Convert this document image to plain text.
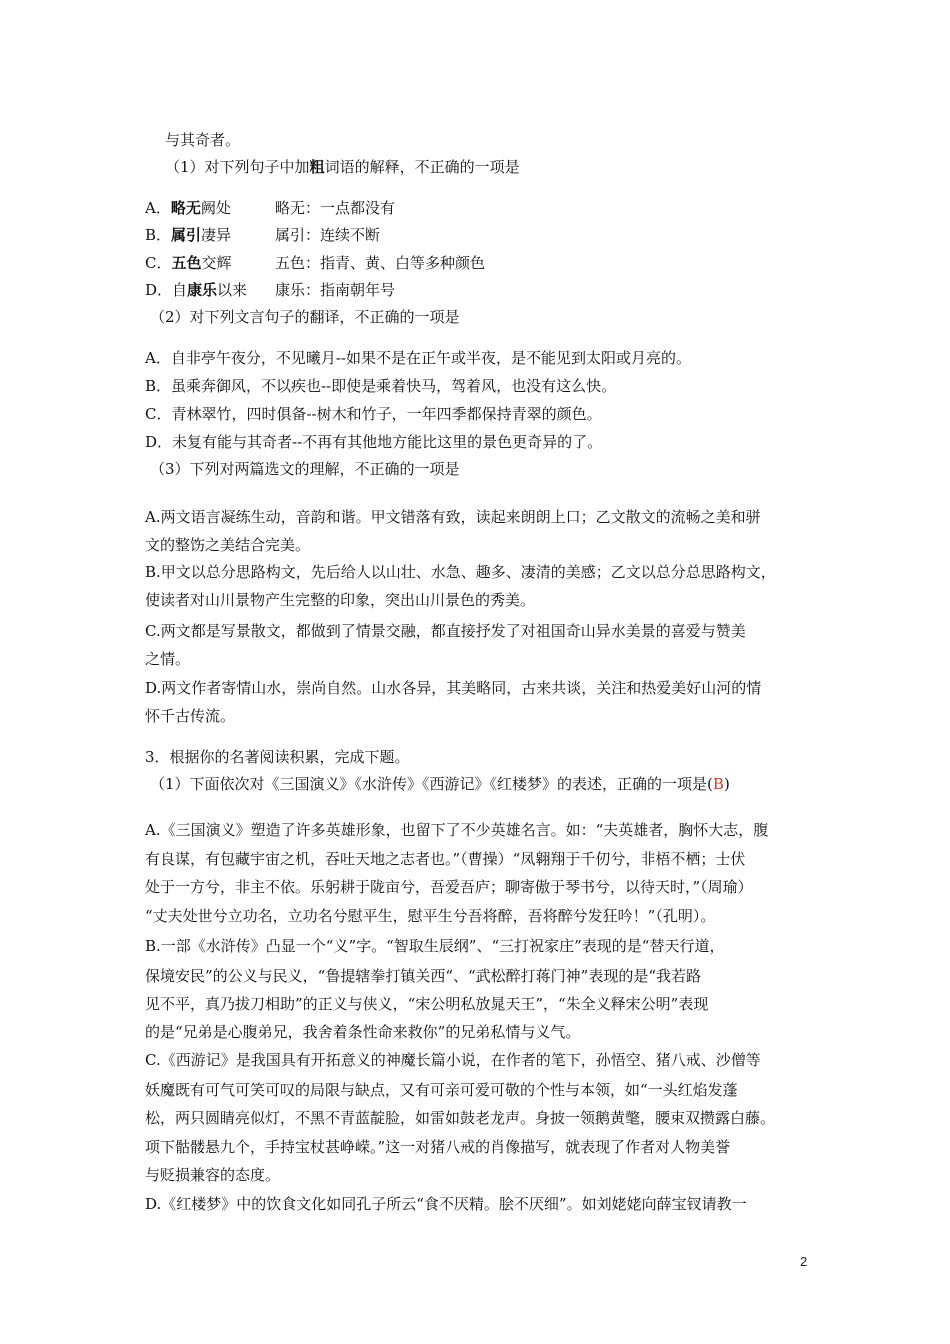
与其奇者。
（1）对下列句子中加粗词语的解释，不正确的一项是
A．略无阙处	略无：一点都没有
B．属引凄异	属引：连续不断
C．五色交辉	五色：指青、黄、白等多种颜色
D．自康乐以来 康乐：指南朝年号
（2）对下列文言句子的翻译，不正确的一项是
A．自非亭午夜分，不见曦月--如果不是在正午或半夜，是不能见到太阳或月亮的。
B．虽乘奔御风，不以疾也--即使是乘着快马，驾着风，也没有这么快。
C．青林翠竹，四时俱备--树木和竹子，一年四季都保持青翠的颜色。
D．未复有能与其奇者--不再有其他地方能比这里的景色更奇异的了。
（3）下列对两篇选文的理解，不正确的一项是
A.两文语言凝练生动，音韵和谐。甲文错落有致，读起来朗朗上口；乙文散文的流畅之美和骈
文的整饬之美结合完美。
B.甲文以总分思路构文，先后给人以山壮、水急、趣多、凄清的美感；乙文以总分总思路构文，
使读者对山川景物产生完整的印象，突出山川景色的秀美。
C.两文都是写景散文，都做到了情景交融，都直接抒发了对祖国奇山异水美景的喜爱与赞美
之情。
D.两文作者寄情山水，崇尚自然。山水各异，其美略同，古来共谈，关注和热爱美好山河的情
怀千古传流。
3．根据你的名著阅读积累，完成下题。
（1）下面依次对《三国演义》《水浒传》《西游记》《红楼梦》的表述，正确的一项是(B)
A.《三国演义》塑造了许多英雄形象，也留下了不少英雄名言。如：“夫英雄者，胸怀大志，腹
有良谋，有包藏宇宙之机，吞吐天地之志者也。”（曹操）“凤翱翔于千仞兮，非梧不栖；士伏
处于一方兮，非主不依。乐躬耕于陇亩兮，吾爱吾庐；聊寄傲于琴书兮，以待天时，”（周瑜）
“丈夫处世兮立功名，立功名兮慰平生，慰平生兮吾将醉，吾将醉兮发狂吟！”（孔明）。
B.一部《水浒传》凸显一个“义”字。“智取生辰纲”、“三打祝家庄”表现的是“替天行道，
保境安民”的公义与民义，“鲁提辖拳打镇关西“、“武松醉打蒋门神”表现的是“我若路
见不平，真乃拔刀相助”的正义与侠义，“宋公明私放晁天王”，“朱全义释宋公明”表现
的是“兄弟是心腹弟兄，我舍着条性命来救你”的兄弟私情与义气。
C.《西游记》是我国具有开拓意义的神魔长篇小说，在作者的笔下，孙悟空、猪八戒、沙僧等
妖魔既有可气可笑可叹的局限与缺点，又有可亲可爱可敬的个性与本领，如“一头红焰发蓬
松，两只圆睛亮似灯，不黑不青蓝靛脸，如雷如鼓老龙声。身披一领鹅黄氅，腰束双攒露白藤。
项下骷髅悬九个，手持宝杖甚峥嵘。”这一对猪八戒的肖像描写，就表现了作者对人物美誉
与贬损兼容的态度。
D.《红楼梦》中的饮食文化如同孔子所云“食不厌精。脍不厌细”。如刘姥姥向薛宝钗请教一
2
